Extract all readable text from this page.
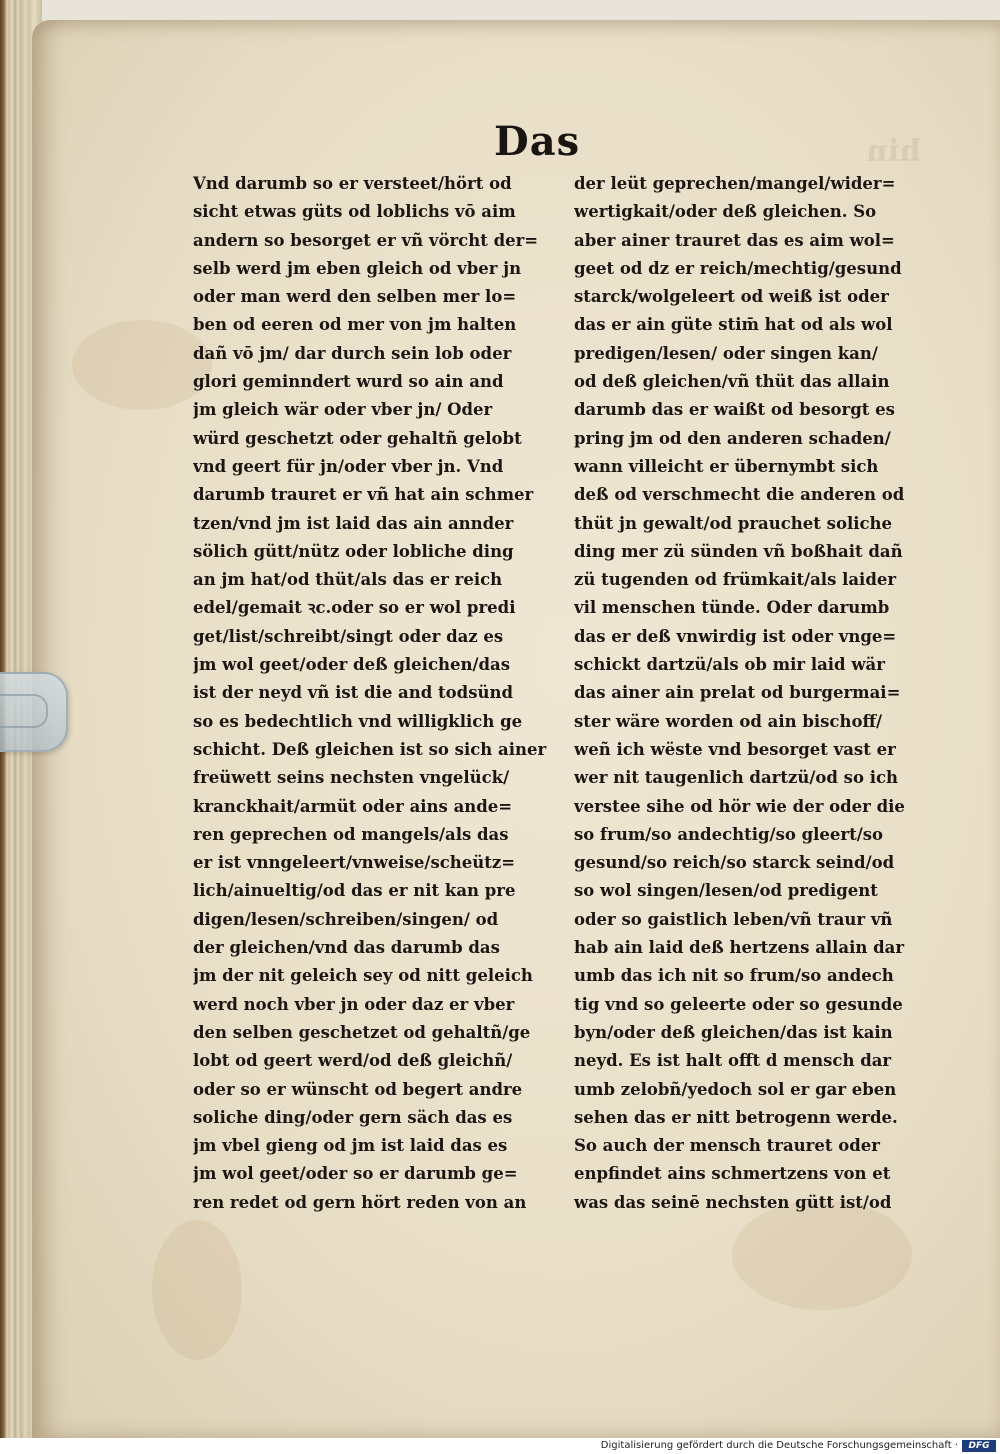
hin
Das
Vnd darumb so er versteet/hört od
sicht etwas güts od loblichs vō aim
andern so besorget er vñ vörcht der=
selb werd jm eben gleich od vber jn
oder man werd den selben mer lo=
ben od eeren od mer von jm halten
dañ vō jm/ dar durch sein lob oder
glori geminndert wurd so ain and
jm gleich wär oder vber jn/ Oder
würd geschetzt oder gehaltñ gelobt
vnd geert für jn/oder vber jn. Vnd
darumb trauret er vñ hat ain schmer
tzen/vnd jm ist laid das ain annder
sölich gütt/nütz oder lobliche ding
an jm hat/od thüt/als das er reich
edel/gemait ꝛc.oder so er wol predi
get/list/schreibt/singt oder daz es
jm wol geet/oder deß gleichen/das
ist der neyd vñ ist die and todsünd
so es bedechtlich vnd willigklich ge
schicht. Deß gleichen ist so sich ainer
freüwett seins nechsten vngelück/
kranckhait/armüt oder ains ande=
ren geprechen od mangels/als das
er ist vnngeleert/vnweise/scheütz=
lich/ainueltig/od das er nit kan pre
digen/lesen/schreiben/singen/ od
der gleichen/vnd das darumb das
jm der nit geleich sey od nitt geleich
werd noch vber jn oder daz er vber
den selben geschetzet od gehaltñ/ge
lobt od geert werd/od deß gleichñ/
oder so er wünscht od begert andre
soliche ding/oder gern säch das es
jm vbel gieng od jm ist laid das es
jm wol geet/oder so er darumb ge=
ren redet od gern hört reden von an
der leüt geprechen/mangel/wider=
wertigkait/oder deß gleichen. So
aber ainer trauret das es aim wol=
geet od dz er reich/mechtig/gesund
starck/wolgeleert od weiß ist oder
das er ain güte stim̄ hat od als wol
predigen/lesen/ oder singen kan/
od deß gleichen/vñ thüt das allain
darumb das er waißt od besorgt es
pring jm od den anderen schaden/
wann villeicht er übernymbt sich
deß od verschmecht die anderen od
thüt jn gewalt/od prauchet soliche
ding mer zü sünden vñ boßhait dañ
zü tugenden od frümkait/als laider
vil menschen tünde. Oder darumb
das er deß vnwirdig ist oder vnge=
schickt dartzü/als ob mir laid wär
das ainer ain prelat od burgermai=
ster wäre worden od ain bischoff/
weñ ich wëste vnd besorget vast er
wer nit taugenlich dartzü/od so ich
verstee sihe od hör wie der oder die
so frum/so andechtig/so gleert/so
gesund/so reich/so starck seind/od
so wol singen/lesen/od predigent
oder so gaistlich leben/vñ traur vñ
hab ain laid deß hertzens allain dar
umb das ich nit so frum/so andech
tig vnd so geleerte oder so gesunde
byn/oder deß gleichen/das ist kain
neyd. Es ist halt offt d mensch dar
umb zelobñ/yedoch sol er gar eben
sehen das er nitt betrogenn werde.
So auch der mensch trauret oder
enpfindet ains schmertzens von et
was das seinē nechsten gütt ist/od
Digitalisierung gefördert durch die Deutsche Forschungsgemeinschaft ·	DFG
